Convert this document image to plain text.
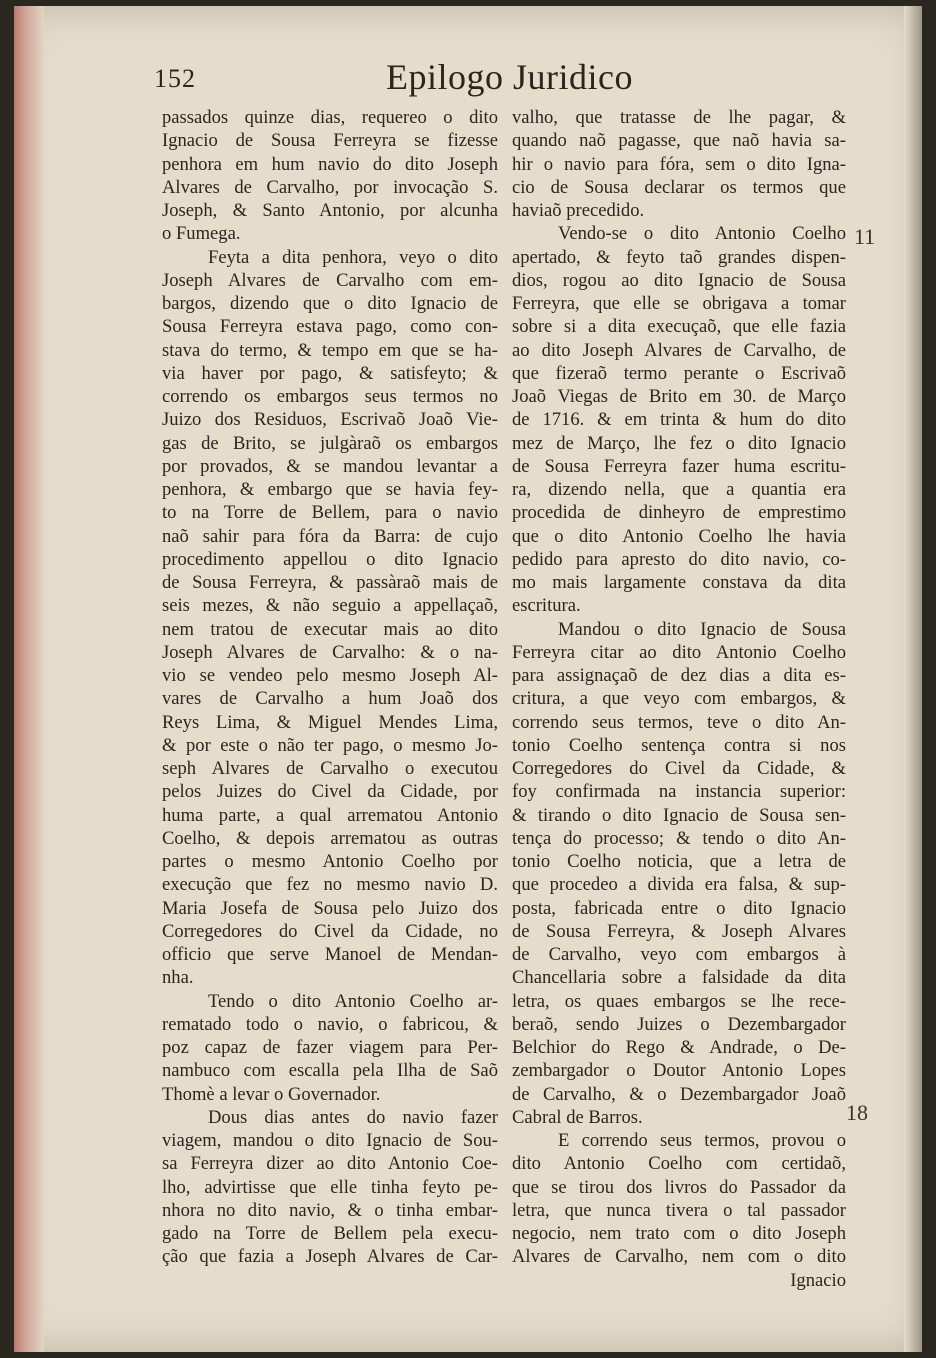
152	Epilogo Juridico
passados quinze dias, requereo o dito
Ignacio de Sousa Ferreyra se fizesse
penhora em hum navio do dito Joseph
Alvares de Carvalho, por invocação S.
Joseph, & Santo Antonio, por alcunha
o Fumega.
Feyta a dita penhora, veyo o dito
Joseph Alvares de Carvalho com em-
bargos, dizendo que o dito Ignacio de
Sousa Ferreyra estava pago, como con-
stava do termo, & tempo em que se ha-
via haver por pago, & satisfeyto; &
correndo os embargos seus termos no
Juizo dos Residuos, Escrivaõ Joaõ Vie-
gas de Brito, se julgàraõ os embargos
por provados, & se mandou levantar a
penhora, & embargo que se havia fey-
to na Torre de Bellem, para o navio
naõ sahir para fóra da Barra: de cujo
procedimento appellou o dito Ignacio
de Sousa Ferreyra, & passàraõ mais de
seis mezes, & não seguio a appellaçaõ,
nem tratou de executar mais ao dito
Joseph Alvares de Carvalho: & o na-
vio se vendeo pelo mesmo Joseph Al-
vares de Carvalho a hum Joaõ dos
Reys Lima, & Miguel Mendes Lima,
& por este o não ter pago, o mesmo Jo-
seph Alvares de Carvalho o executou
pelos Juizes do Civel da Cidade, por
huma parte, a qual arrematou Antonio
Coelho, & depois arrematou as outras
partes o mesmo Antonio Coelho por
execução que fez no mesmo navio D.
Maria Josefa de Sousa pelo Juizo dos
Corregedores do Civel da Cidade, no
officio que serve Manoel de Mendan-
nha.
Tendo o dito Antonio Coelho ar-
rematado todo o navio, o fabricou, &
poz capaz de fazer viagem para Per-
nambuco com escalla pela Ilha de Saõ
Thomè a levar o Governador.
Dous dias antes do navio fazer
viagem, mandou o dito Ignacio de Sou-
sa Ferreyra dizer ao dito Antonio Coe-
lho, advirtisse que elle tinha feyto pe-
nhora no dito navio, & o tinha embar-
gado na Torre de Bellem pela execu-
ção que fazia a Joseph Alvares de Car-
valho, que tratasse de lhe pagar, &
quando naõ pagasse, que naõ havia sa-
hir o navio para fóra, sem o dito Igna-
cio de Sousa declarar os termos que
haviaõ precedido.
Vendo-se o dito Antonio Coelho
apertado, & feyto taõ grandes dispen-
dios, rogou ao dito Ignacio de Sousa
Ferreyra, que elle se obrigava a tomar
sobre si a dita execuçaõ, que elle fazia
ao dito Joseph Alvares de Carvalho, de
que fizeraõ termo perante o Escrivaõ
Joaõ Viegas de Brito em 30. de Março
de 1716. & em trinta & hum do dito
mez de Março, lhe fez o dito Ignacio
de Sousa Ferreyra fazer huma escritu-
ra, dizendo nella, que a quantia era
procedida de dinheyro de emprestimo
que o dito Antonio Coelho lhe havia
pedido para apresto do dito navio, co-
mo mais largamente constava da dita
escritura.
Mandou o dito Ignacio de Sousa
Ferreyra citar ao dito Antonio Coelho
para assignaçaõ de dez dias a dita es-
critura, a que veyo com embargos, &
correndo seus termos, teve o dito An-
tonio Coelho sentença contra si nos
Corregedores do Civel da Cidade, &
foy confirmada na instancia superior:
& tirando o dito Ignacio de Sousa sen-
tença do processo; & tendo o dito An-
tonio Coelho noticia, que a letra de
que procedeo a divida era falsa, & sup-
posta, fabricada entre o dito Ignacio
de Sousa Ferreyra, & Joseph Alvares
de Carvalho, veyo com embargos à
Chancellaria sobre a falsidade da dita
letra, os quaes embargos se lhe rece-
beraõ, sendo Juizes o Dezembargador
Belchior do Rego & Andrade, o De-
zembargador o Doutor Antonio Lopes
de Carvalho, & o Dezembargador Joaõ
Cabral de Barros.
E correndo seus termos, provou o
dito Antonio Coelho com certidaõ,
que se tirou dos livros do Passador da
letra, que nunca tivera o tal passador
negocio, nem trato com o dito Joseph
Alvares de Carvalho, nem com o dito
Ignacio
11
18
